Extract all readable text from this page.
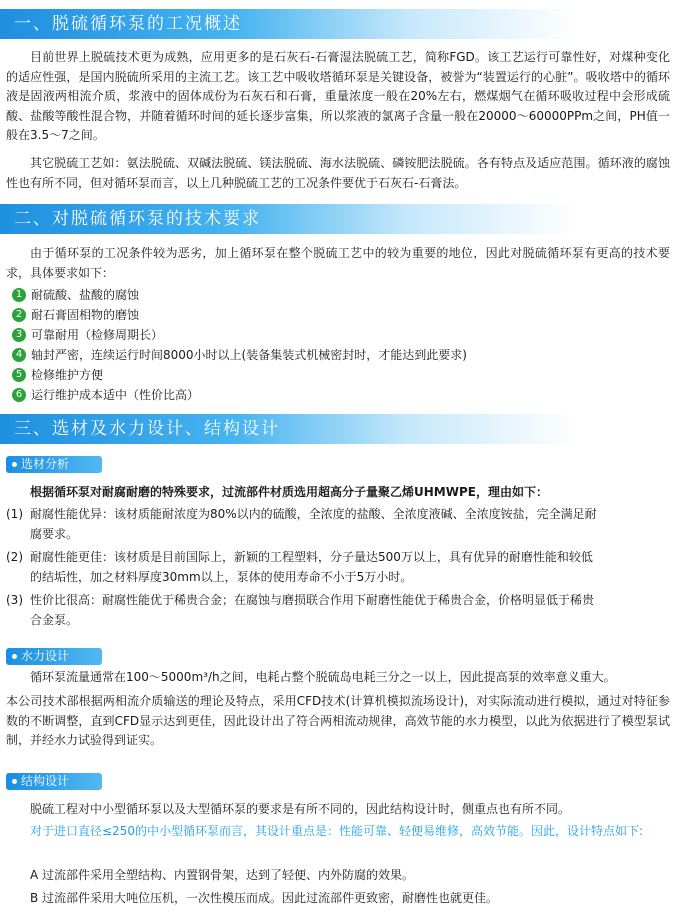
一、脱硫循环泵的工况概述

目前世界上脱硫技术更为成熟，应用更多的是石灰石-石膏湿法脱硫工艺，简称FGD。该工艺运行可靠性好，对煤种变化的适应性强，是国内脱硫所采用的主流工艺。该工艺中吸收塔循环泵是关键设备，被誉为“装置运行的心脏”。吸收塔中的循环液是固液两相流介质，浆液中的固体成份为石灰石和石膏，重量浓度一般在20%左右，燃煤烟气在循环吸收过程中会形成硫酸、盐酸等酸性混合物，并随着循环时间的延长逐步富集，所以浆液的氯离子含量一般在20000～60000PPm之间，PH值一般在3.5～7之间。

其它脱硫工艺如：氨法脱硫、双碱法脱硫、镁法脱硫、海水法脱硫、磷铵肥法脱硫。各有特点及适应范围。循环液的腐蚀性也有所不同，但对循环泵而言，以上几种脱硫工艺的工况条件要优于石灰石-石膏法。

二、对脱硫循环泵的技术要求

由于循环泵的工况条件较为恶劣，加上循环泵在整个脱硫工艺中的较为重要的地位，因此对脱硫循环泵有更高的技术要求，具体要求如下：

1 耐硫酸、盐酸的腐蚀
2 耐石膏固相物的磨蚀
3 可靠耐用（检修周期长）
4 轴封严密，连续运行时间8000小时以上(装备集装式机械密封时，才能达到此要求)
5 检修维护方便
6 运行维护成本适中（性价比高）
三、选材及水力设计、结构设计
选材分析

根据循环泵对耐腐耐磨的特殊要求，过流部件材质选用超高分子量聚乙烯UHMWPE，理由如下：

(1) 耐腐性能优异：该材质能耐浓度为80%以内的硫酸，全浓度的盐酸、全浓度液碱、全浓度铵盐，完全满足耐
腐要求。
(2) 耐腐性能更佳：该材质是目前国际上，新颖的工程塑料，分子量达500万以上，具有优异的耐磨性能和较低
的结垢性，加之材料厚度30mm以上，泵体的使用寿命不小于5万小时。
(3) 性价比很高：耐腐性能优于稀贵合金；在腐蚀与磨损联合作用下耐磨性能优于稀贵合金，价格明显低于稀贵
合金泵。
水力设计

循环泵流量通常在100～5000m³/h之间，电耗占整个脱硫岛电耗三分之一以上，因此提高泵的效率意义重大。

本公司技术部根据两相流介质输送的理论及特点，采用CFD技术(计算机模拟流场设计)，对实际流动进行模拟，通过对特征参数的不断调整，直到CFD显示达到更佳，因此设计出了符合两相流动规律，高效节能的水力模型，以此为依据进行了模型泵试制，并经水力试验得到证实。

结构设计

脱硫工程对中小型循环泵以及大型循环泵的要求是有所不同的，因此结构设计时，侧重点也有所不同。

对于进口直径≤250的中小型循环泵而言，其设计重点是：性能可靠、轻便易维修，高效节能。因此，设计特点如下:

A 过流部件采用全塑结构、内置钢骨架，达到了轻便、内外防腐的效果。

B 过流部件采用大吨位压机，一次性模压而成。因此过流部件更致密，耐磨性也就更佳。
